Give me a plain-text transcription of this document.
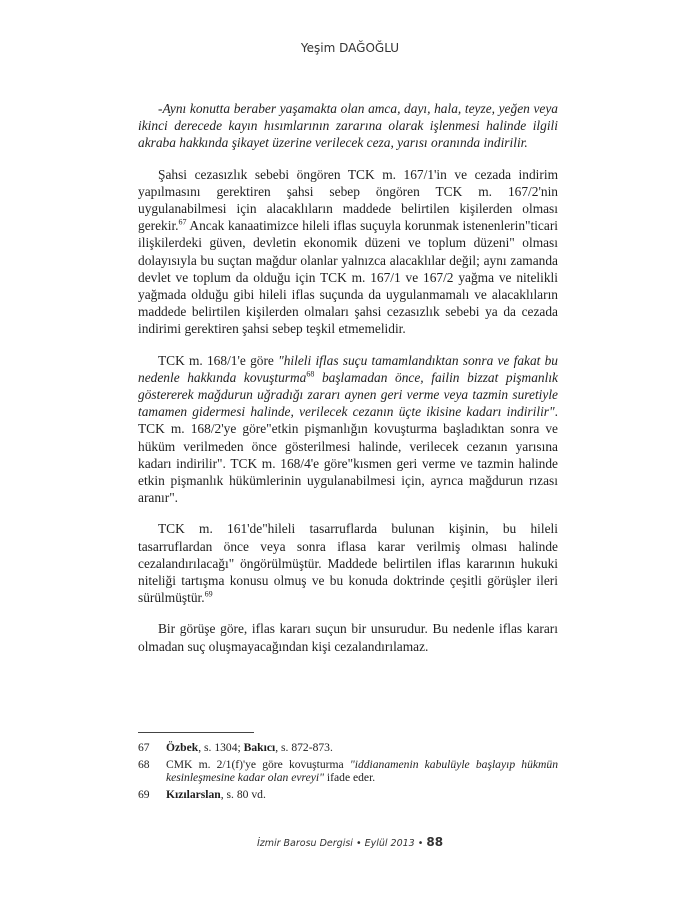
Yeşim DAĞOĞLU

-Aynı konutta beraber yaşamakta olan amca, dayı, hala, teyze, yeğen veya ikinci derecede kayın hısımlarının zararına olarak işlenmesi halinde ilgili akraba hakkında şikayet üzerine verilecek ceza, yarısı oranında indirilir.

Şahsi cezasızlık sebebi öngören TCK m. 167/1'in ve cezada indirim yapılmasını gerektiren şahsi sebep öngören TCK m. 167/2'nin uygulanabilmesi için alacaklıların maddede belirtilen kişilerden olması gerekir.$^{67}$ Ancak kanaatimizce hileli iflas suçuyla korunmak istenenlerin"ticari ilişkilerdeki güven, devletin ekonomik düzeni ve toplum düzeni" olması dolayısıyla bu suçtan mağdur olanlar yalnızca alacaklılar değil; aynı zamanda devlet ve toplum da olduğu için TCK m. 167/1 ve 167/2 yağma ve nitelikli yağmada olduğu gibi hileli iflas suçunda da uygulanmamalı ve alacaklıların maddede belirtilen kişilerden olmaları şahsi cezasızlık sebebi ya da cezada indirimi gerektiren şahsi sebep teşkil etmemelidir.

TCK m. 168/1'e göre "hileli iflas suçu tamamlandıktan sonra ve fakat bu nedenle hakkında kovuşturma$^{68}$ başlamadan önce, failin bizzat pişmanlık göstererek mağdurun uğradığı zararı aynen geri verme veya tazmin suretiyle tamamen gidermesi halinde, verilecek cezanın üçte ikisine kadarı indirilir". TCK m. 168/2'ye göre"etkin pişmanlığın kovuşturma başladıktan sonra ve hüküm verilmeden önce gösterilmesi halinde, verilecek cezanın yarısına kadarı indirilir". TCK m. 168/4'e göre"kısmen geri verme ve tazmin halinde etkin pişmanlık hükümlerinin uygulanabilmesi için, ayrıca mağdurun rızası aranır".

TCK m. 161'de"hileli tasarruflarda bulunan kişinin, bu hileli tasarruflardan önce veya sonra iflasa karar verilmiş olması halinde cezalandırılacağı" öngörülmüştür. Maddede belirtilen iflas kararının hukuki niteliği tartışma konusu olmuş ve bu konuda doktrinde çeşitli görüşler ileri sürülmüştür.$^{69}$

Bir görüşe göre, iflas kararı suçun bir unsurudur. Bu nedenle iflas kararı olmadan suç oluşmayacağından kişi cezalandırılamaz.

67	Özbek, s. 1304; Bakıcı, s. 872-873.
68	CMK m. 2/1(f)'ye göre kovuşturma "iddianamenin kabulüyle başlayıp hükmün kesinleşmesine kadar olan evreyi" ifade eder.
69	Kızılarslan, s. 80 vd.
İzmir Barosu Dergisi • Eylül 2013 • 88
